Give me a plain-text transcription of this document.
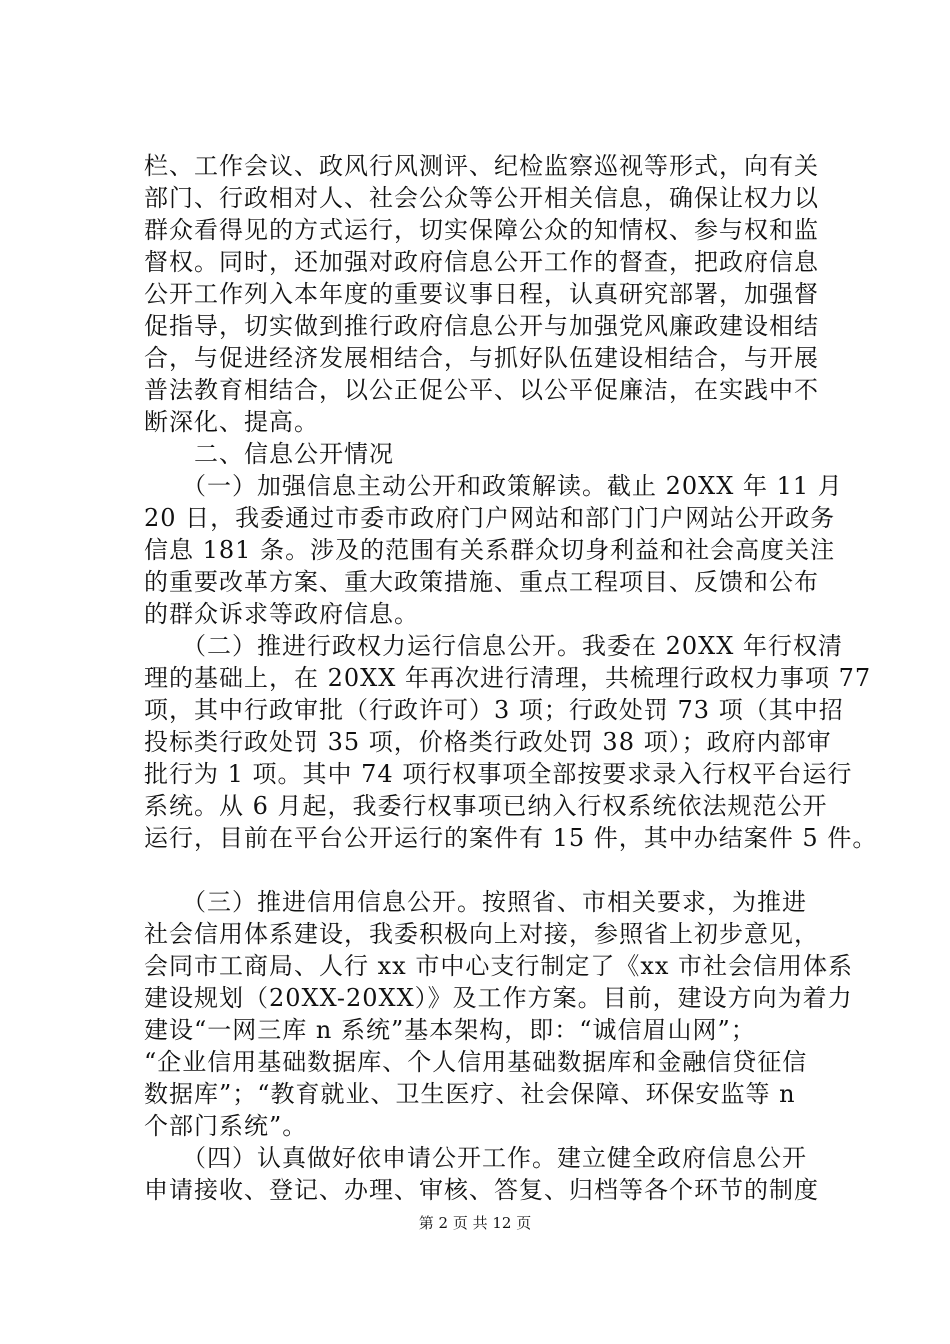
栏、工作会议、政风行风测评、纪检监察巡视等形式，向有关
部门、行政相对人、社会公众等公开相关信息，确保让权力以
群众看得见的方式运行，切实保障公众的知情权、参与权和监
督权。同时，还加强对政府信息公开工作的督查，把政府信息
公开工作列入本年度的重要议事日程，认真研究部署，加强督
促指导，切实做到推行政府信息公开与加强党风廉政建设相结
合，与促进经济发展相结合，与抓好队伍建设相结合，与开展
普法教育相结合，以公正促公平、以公平促廉洁，在实践中不
断深化、提高。
　　二、信息公开情况
　　（一）加强信息主动公开和政策解读。截止 20XX 年 11 月
20 日，我委通过市委市政府门户网站和部门门户网站公开政务
信息 181 条。涉及的范围有关系群众切身利益和社会高度关注
的重要改革方案、重大政策措施、重点工程项目、反馈和公布
的群众诉求等政府信息。
　　（二）推进行政权力运行信息公开。我委在 20XX 年行权清
理的基础上，在 20XX 年再次进行清理，共梳理行政权力事项 77
项，其中行政审批（行政许可）3 项；行政处罚 73 项（其中招
投标类行政处罚 35 项，价格类行政处罚 38 项）；政府内部审
批行为 1 项。其中 74 项行权事项全部按要求录入行权平台运行
系统。从 6 月起，我委行权事项已纳入行权系统依法规范公开
运行，目前在平台公开运行的案件有 15 件，其中办结案件 5 件。
　　（三）推进信用信息公开。按照省、市相关要求，为推进
社会信用体系建设，我委积极向上对接，参照省上初步意见，
会同市工商局、人行 xx 市中心支行制定了《xx 市社会信用体系
建设规划（20XX-20XX）》及工作方案。目前，建设方向为着力
建设“一网三库 n 系统”基本架构，即：“诚信眉山网”；
“企业信用基础数据库、个人信用基础数据库和金融信贷征信
数据库”；“教育就业、卫生医疗、社会保障、环保安监等 n
个部门系统”。
　　（四）认真做好依申请公开工作。建立健全政府信息公开
申请接收、登记、办理、审核、答复、归档等各个环节的制度
第 2 页 共 12 页
